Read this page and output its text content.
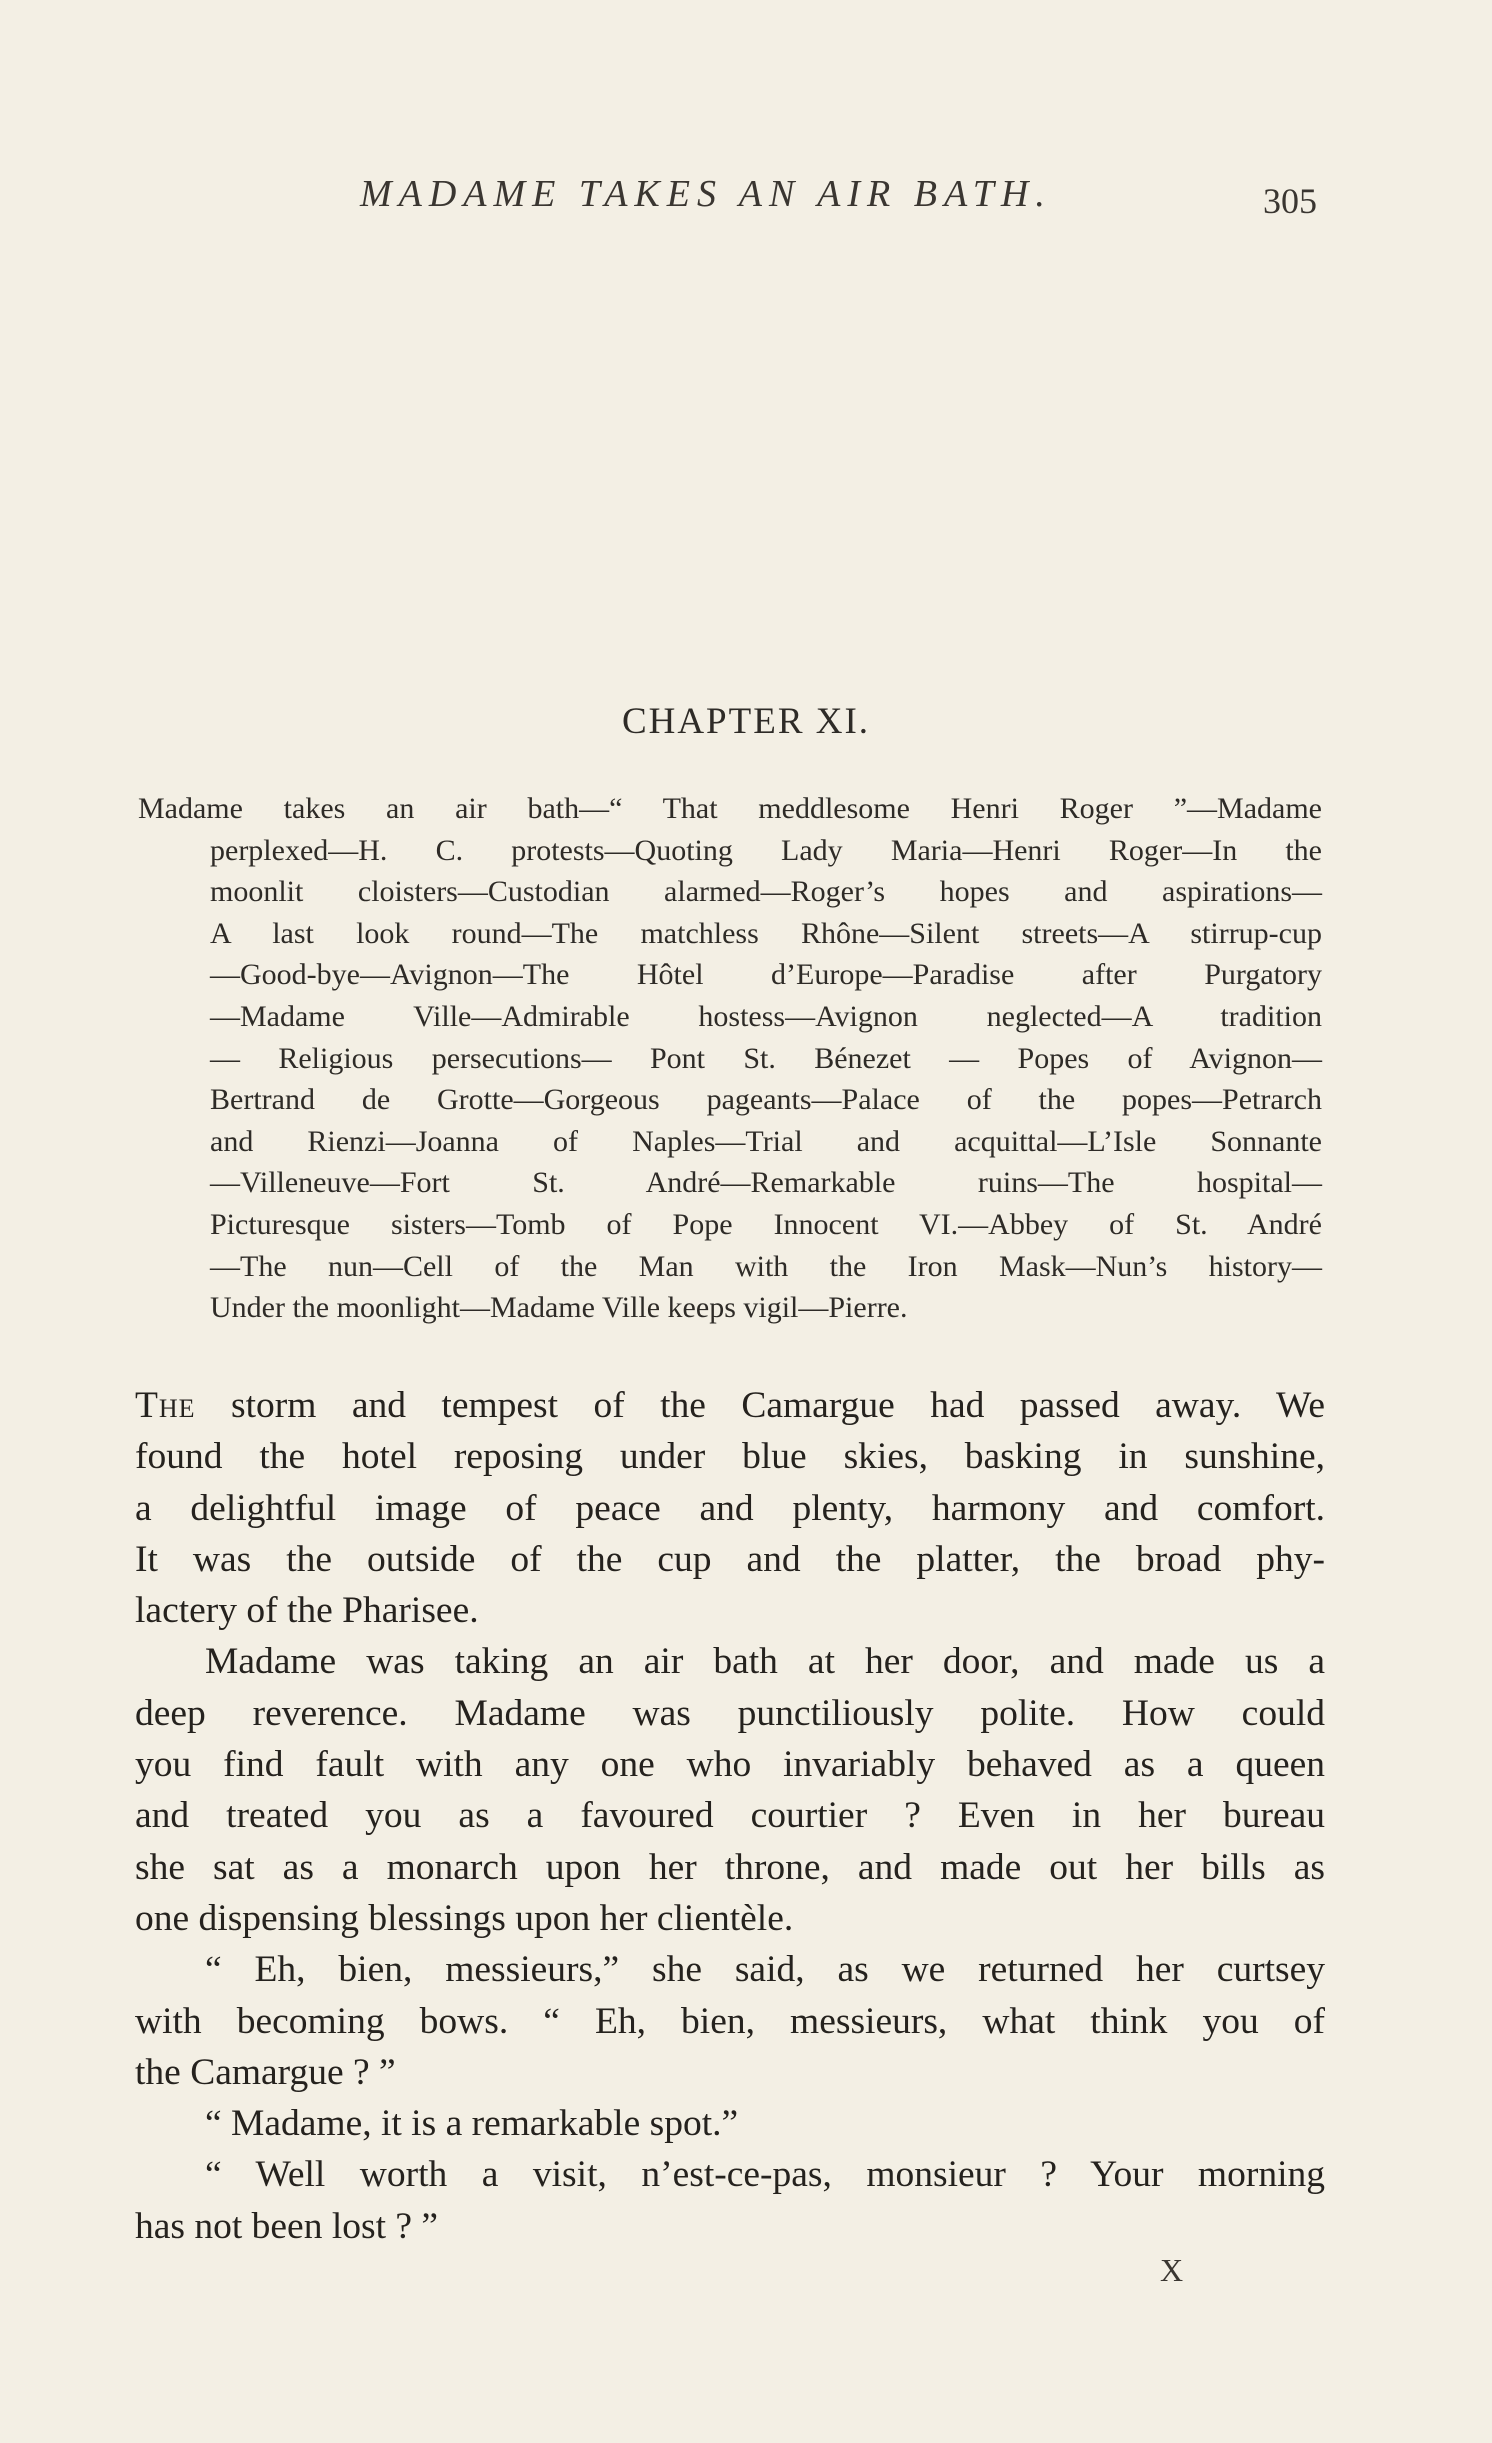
MADAME TAKES AN AIR BATH.	305
CHAPTER XI.
Madame takes an air bath—“ That meddlesome Henri Roger ”—Madame
perplexed—H. C. protests—Quoting Lady Maria—Henri Roger—In the
moonlit cloisters—Custodian alarmed—Roger’s hopes and aspirations—
A last look round—The matchless Rhône—Silent streets—A stirrup-cup
—Good-bye—Avignon—The Hôtel d’Europe—Paradise after Purgatory
—Madame Ville—Admirable hostess—Avignon neglected—A tradition
— Religious persecutions— Pont St. Bénezet — Popes of Avignon—
Bertrand de Grotte—Gorgeous pageants—Palace of the popes—Petrarch
and Rienzi—Joanna of Naples—Trial and acquittal—L’Isle Sonnante
—Villeneuve—Fort St. André—Remarkable ruins—The hospital—
Picturesque sisters—Tomb of Pope Innocent VI.—Abbey of St. André
—The nun—Cell of the Man with the Iron Mask—Nun’s history—
Under the moonlight—Madame Ville keeps vigil—Pierre.
The storm and tempest of the Camargue had passed away. We
found the hotel reposing under blue skies, basking in sunshine,
a delightful image of peace and plenty, harmony and comfort.
It was the outside of the cup and the platter, the broad phy-
lactery of the Pharisee.
Madame was taking an air bath at her door, and made us a
deep reverence. Madame was punctiliously polite. How could
you find fault with any one who invariably behaved as a queen
and treated you as a favoured courtier ? Even in her bureau
she sat as a monarch upon her throne, and made out her bills as
one dispensing blessings upon her clientèle.
“ Eh, bien, messieurs,” she said, as we returned her curtsey
with becoming bows. “ Eh, bien, messieurs, what think you of
the Camargue ? ”
“ Madame, it is a remarkable spot.”
“ Well worth a visit, n’est-ce-pas, monsieur ? Your morning
has not been lost ? ”
X
